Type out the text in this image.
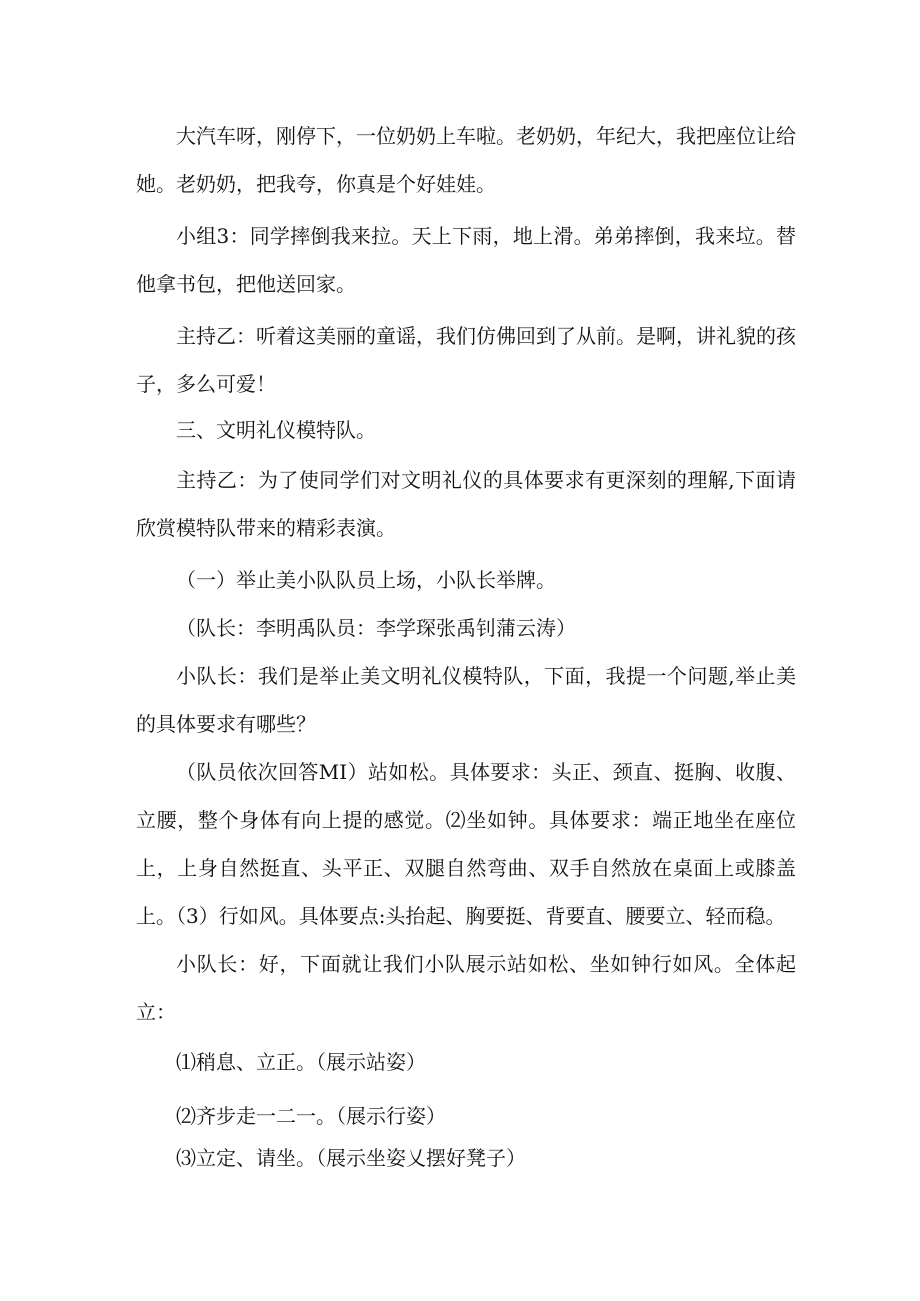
大汽车呀，刚停下，一位奶奶上车啦。老奶奶，年纪大，我把座位让给她。老奶奶，把我夸，你真是个好娃娃。

小组3：同学摔倒我来拉。天上下雨，地上滑。弟弟摔倒，我来垃。替他拿书包，把他送回家。

主持乙：听着这美丽的童谣，我们仿佛回到了从前。是啊，讲礼貌的孩子，多么可爱！

三、文明礼仪模特队。

主持乙：为了使同学们对文明礼仪的具体要求有更深刻的理解,下面请欣赏模特队带来的精彩表演。

（一）举止美小队队员上场，小队长举牌。

（队长：李明禹队员：李学琛张禹钊蒲云涛）

小队长：我们是举止美文明礼仪模特队，下面，我提一个问题,举止美的具体要求有哪些？

（队员依次回答MI）站如松。具体要求：头正、颈直、挺胸、收腹、立腰，整个身体有向上提的感觉。⑵坐如钟。具体要求：端正地坐在座位上，上身自然挺直、头平正、双腿自然弯曲、双手自然放在桌面上或膝盖上。（3）行如风。具体要点:头抬起、胸要挺、背要直、腰要立、轻而稳。

小队长：好，下面就让我们小队展示站如松、坐如钟行如风。全体起立：

⑴稍息、立正。（展示站姿）

⑵齐步走一二一。（展示行姿）

⑶立定、请坐。（展示坐姿乂摆好凳子）
